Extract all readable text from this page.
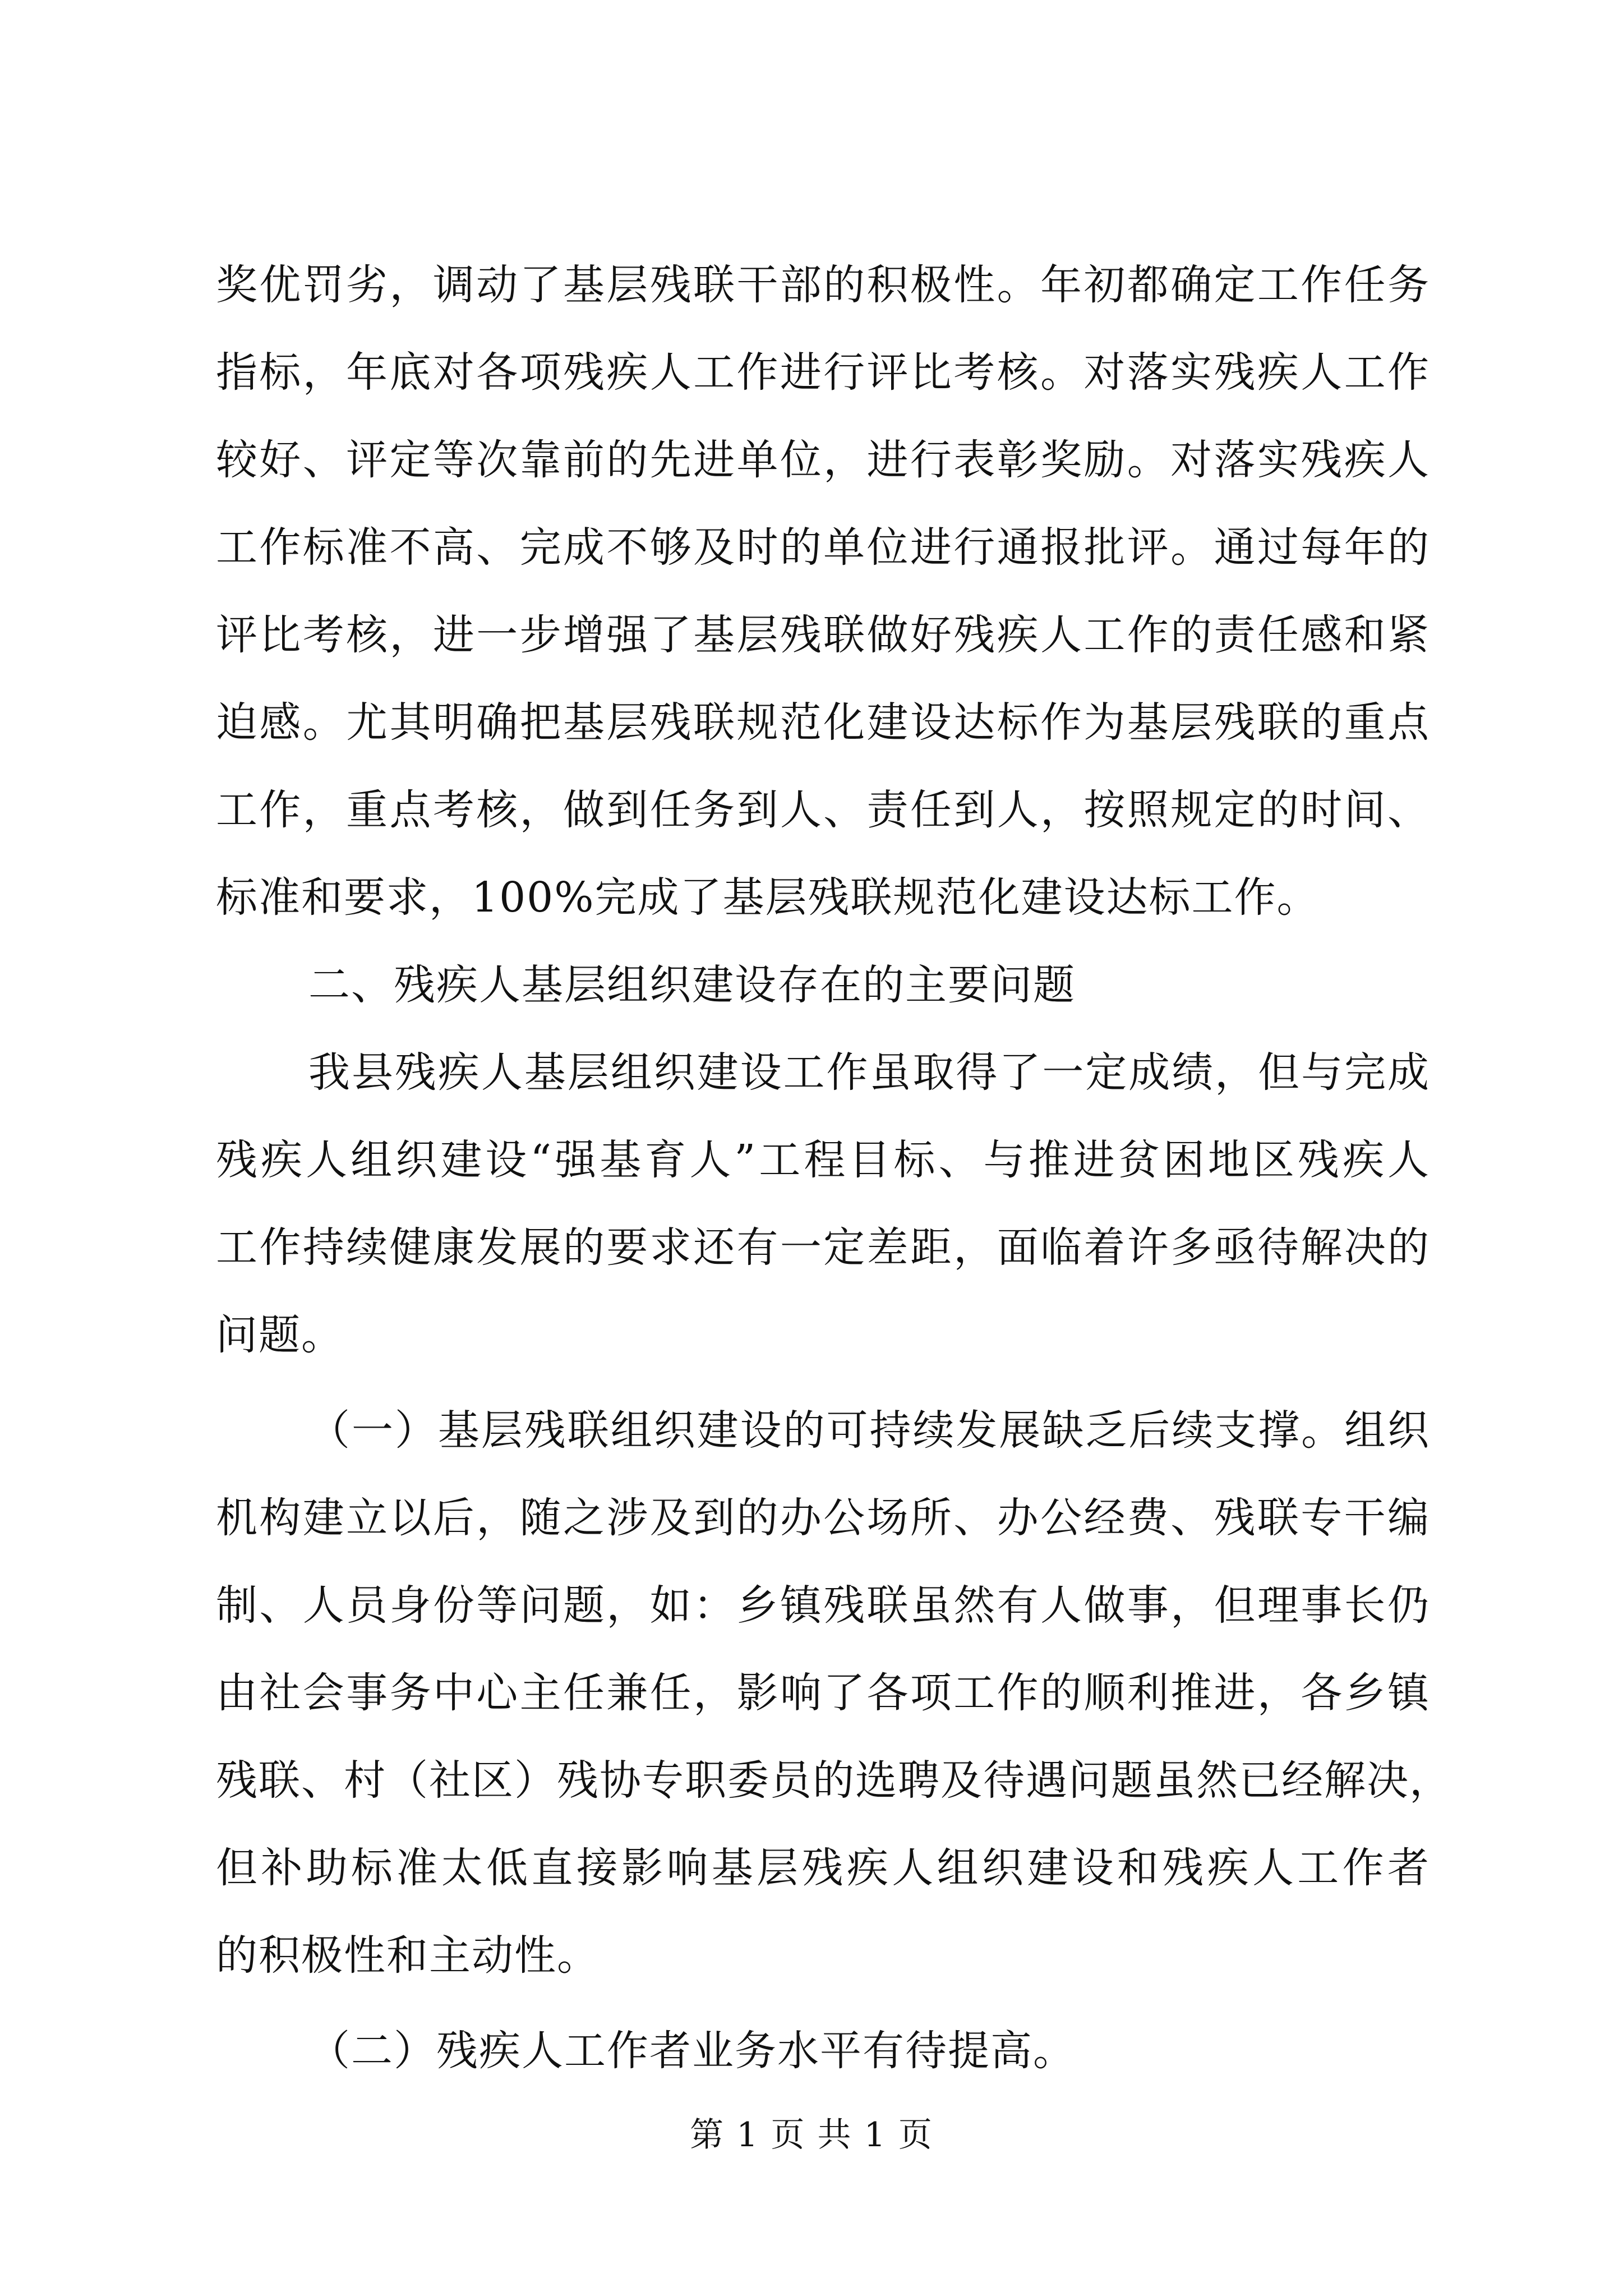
奖优罚劣，调动了基层残联干部的积极性。年初都确定工作任务
指标，年底对各项残疾人工作进行评比考核。对落实残疾人工作
较好、评定等次靠前的先进单位，进行表彰奖励。对落实残疾人
工作标准不高、完成不够及时的单位进行通报批评。通过每年的
评比考核，进一步增强了基层残联做好残疾人工作的责任感和紧
迫感。尤其明确把基层残联规范化建设达标作为基层残联的重点
工作，重点考核，做到任务到人、责任到人，按照规定的时间、
标准和要求，100%完成了基层残联规范化建设达标工作。
二、残疾人基层组织建设存在的主要问题
我县残疾人基层组织建设工作虽取得了一定成绩，但与完成
残疾人组织建设“强基育人”工程目标、与推进贫困地区残疾人
工作持续健康发展的要求还有一定差距，面临着许多亟待解决的
问题。
（一）基层残联组织建设的可持续发展缺乏后续支撑。组织
机构建立以后，随之涉及到的办公场所、办公经费、残联专干编
制、人员身份等问题，如：乡镇残联虽然有人做事，但理事长仍
由社会事务中心主任兼任，影响了各项工作的顺利推进，各乡镇
残联、村（社区）残协专职委员的选聘及待遇问题虽然已经解决，
但补助标准太低直接影响基层残疾人组织建设和残疾人工作者
的积极性和主动性。
（二）残疾人工作者业务水平有待提高。
第 1 页 共 1 页
